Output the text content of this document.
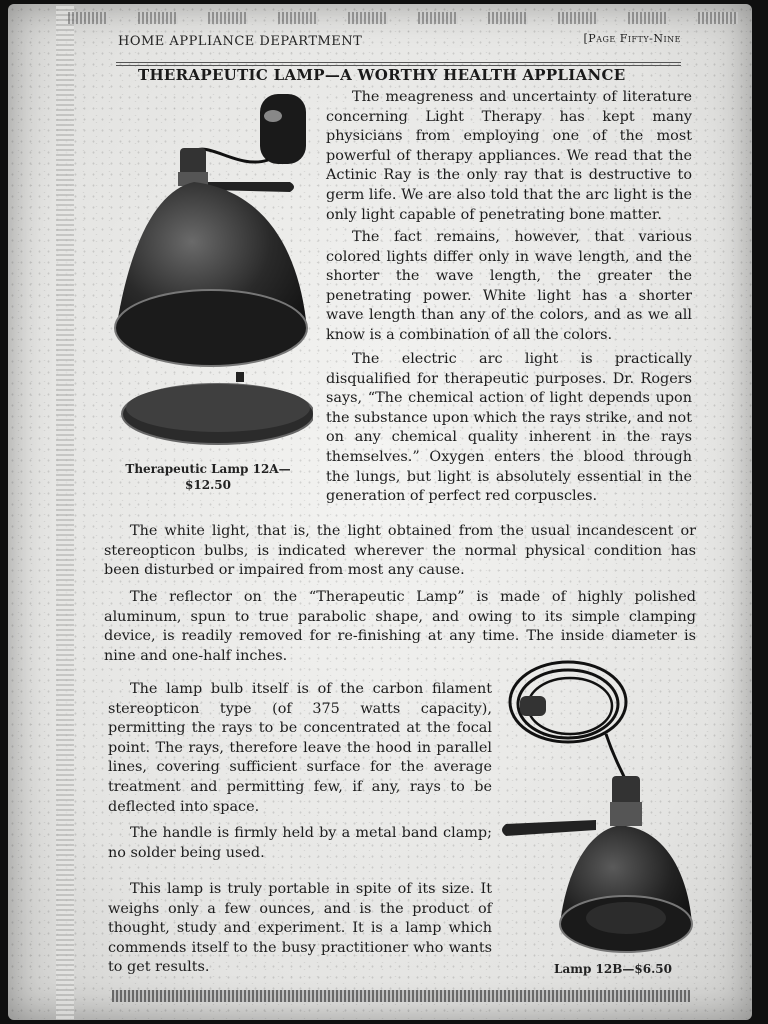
HOME APPLIANCE DEPARTMENT	[Page Fifty-Nine
THERAPEUTIC LAMP—A WORTHY HEALTH APPLIANCE

The meagreness and uncertainty of literature concerning Light Therapy has kept many physicians from employing one of the most powerful of therapy appliances. We read that the Actinic Ray is the only ray that is destructive to germ life. We are also told that the arc light is the only light capable of penetrating bone matter.

The fact remains, however, that various colored lights differ only in wave length, and the shorter the wave length, the greater the penetrating power. White light has a shorter wave length than any of the colors, and as we all know is a combination of all the colors.

The electric arc light is practically disqualified for therapeutic purposes. Dr. Rogers says, “The chemical action of light depends upon the substance upon which the rays strike, and not on any chemical quality inherent in the rays themselves.” Oxygen enters the blood through the lungs, but light is absolutely essential in the generation of perfect red corpuscles.

Therapeutic Lamp 12A—
$12.50

The white light, that is, the light obtained from the usual incandescent or stereopticon bulbs, is indicated wherever the normal physical condition has been disturbed or impaired from most any cause.

The reflector on the “Therapeutic Lamp” is made of highly polished aluminum, spun to true parabolic shape, and owing to its simple clamping device, is readily removed for re-finishing at any time. The inside diameter is nine and one-half inches.

The lamp bulb itself is of the carbon filament stereopticon type (of 375 watts capacity), permitting the rays to be concentrated at the focal point. The rays, therefore leave the hood in parallel lines, covering sufficient surface for the average treatment and permitting few, if any, rays to be deflected into space.

The handle is firmly held by a metal band clamp; no solder being used.

This lamp is truly portable in spite of its size. It weighs only a few ounces, and is the product of thought, study and experiment. It is a lamp which commends itself to the busy practitioner who wants to get results.	Lamp 12B—$6.50
